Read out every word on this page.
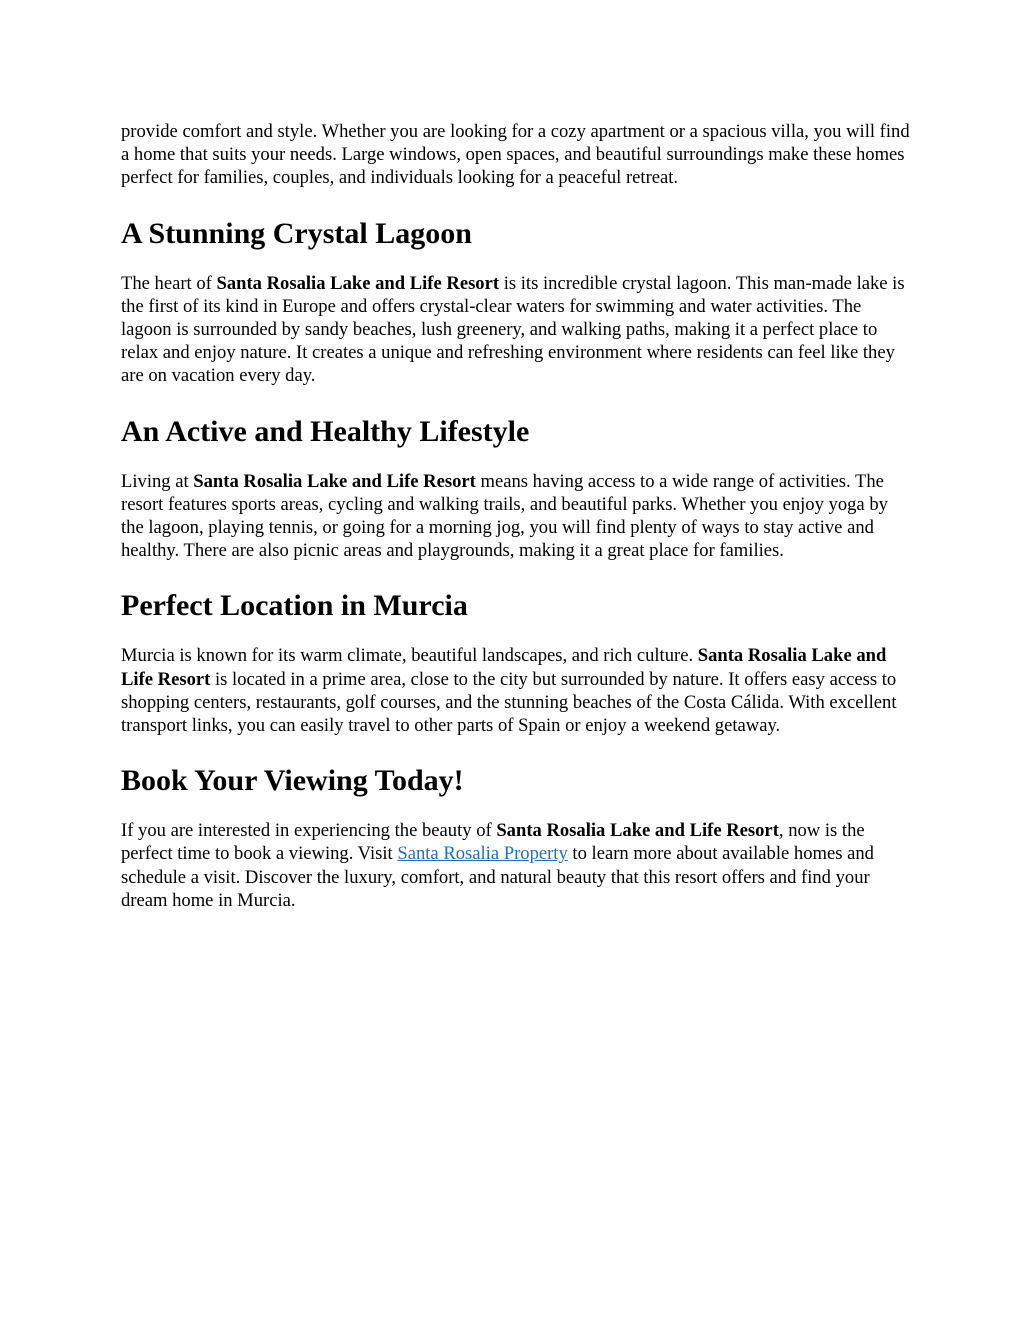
provide comfort and style. Whether you are looking for a cozy apartment or a spacious villa, you will find a home that suits your needs. Large windows, open spaces, and beautiful surroundings make these homes perfect for families, couples, and individuals looking for a peaceful retreat.

A Stunning Crystal Lagoon

The heart of Santa Rosalia Lake and Life Resort is its incredible crystal lagoon. This man-made lake is the first of its kind in Europe and offers crystal-clear waters for swimming and water activities. The lagoon is surrounded by sandy beaches, lush greenery, and walking paths, making it a perfect place to relax and enjoy nature. It creates a unique and refreshing environment where residents can feel like they are on vacation every day.

An Active and Healthy Lifestyle

Living at Santa Rosalia Lake and Life Resort means having access to a wide range of activities. The resort features sports areas, cycling and walking trails, and beautiful parks. Whether you enjoy yoga by the lagoon, playing tennis, or going for a morning jog, you will find plenty of ways to stay active and healthy. There are also picnic areas and playgrounds, making it a great place for families.

Perfect Location in Murcia

Murcia is known for its warm climate, beautiful landscapes, and rich culture. Santa Rosalia Lake and Life Resort is located in a prime area, close to the city but surrounded by nature. It offers easy access to shopping centers, restaurants, golf courses, and the stunning beaches of the Costa Cálida. With excellent transport links, you can easily travel to other parts of Spain or enjoy a weekend getaway.

Book Your Viewing Today!

If you are interested in experiencing the beauty of Santa Rosalia Lake and Life Resort, now is the perfect time to book a viewing. Visit Santa Rosalia Property to learn more about available homes and schedule a visit. Discover the luxury, comfort, and natural beauty that this resort offers and find your dream home in Murcia.
